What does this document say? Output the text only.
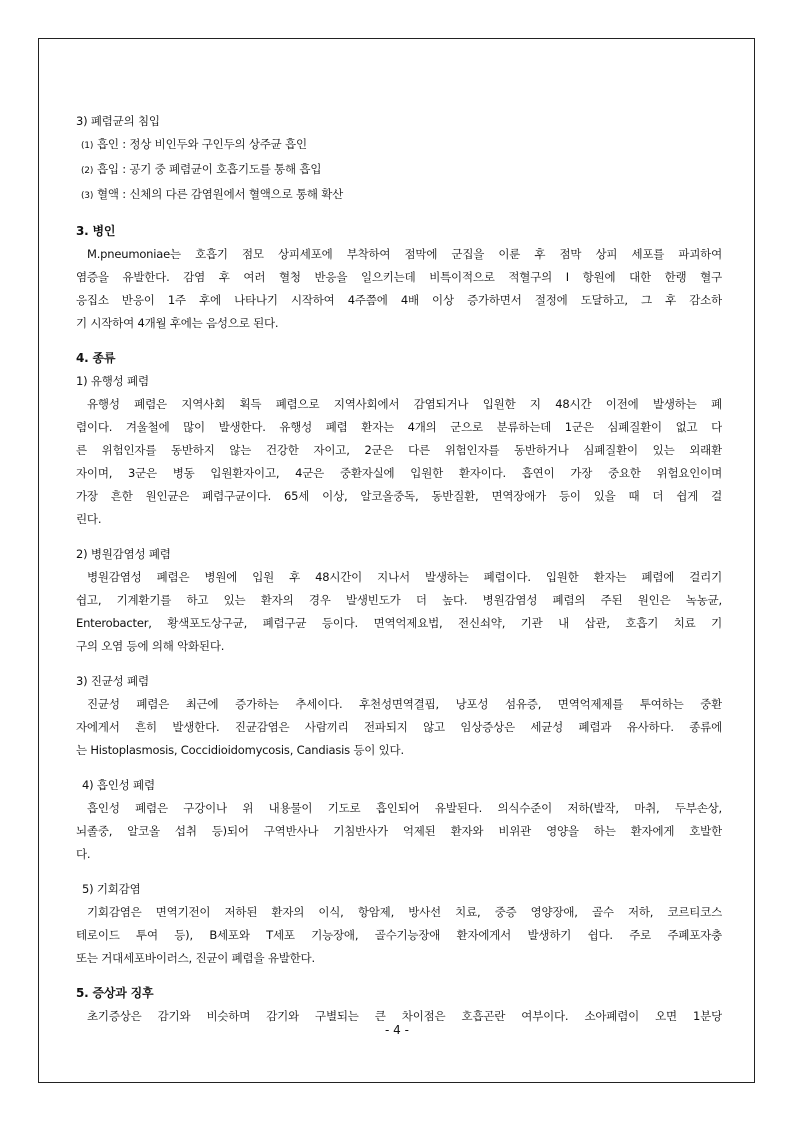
3) 폐렴균의 침입
(1) 흡인 : 정상 비인두와 구인두의 상주균 흡인
(2) 흡입 : 공기 중 폐렴균이 호흡기도를 통해 흡입
(3) 혈액 : 신체의 다른 감염원에서 혈액으로 통해 확산
3. 병인
M.pneumoniae는 호흡기 점모 상피세포에 부착하여 점막에 군집을 이룬 후 점막 상피 세포를 파괴하여
염증을 유발한다. 감염 후 여러 혈청 반응을 일으키는데 비특이적으로 적혈구의 I 항원에 대한 한랭 혈구
응집소 반응이 1주 후에 나타나기 시작하여 4주쯤에 4배 이상 증가하면서 절정에 도달하고, 그 후 감소하
기 시작하여 4개월 후에는 음성으로 된다.
4. 종류
1) 유행성 폐렴
유행성 폐렴은 지역사회 획득 폐렴으로 지역사회에서 감염되거나 입원한 지 48시간 이전에 발생하는 폐
렴이다. 겨울철에 많이 발생한다. 유행성 폐렴 환자는 4개의 군으로 분류하는데 1군은 심폐질환이 없고 다
른 위험인자를 동반하지 않는 건강한 자이고, 2군은 다른 위험인자를 동반하거나 심폐질환이 있는 외래환
자이며, 3군은 병동 입원환자이고, 4군은 중환자실에 입원한 환자이다. 흡연이 가장 중요한 위험요인이며
가장 흔한 원인균은 폐렴구균이다. 65세 이상, 알코올중독, 동반질환, 면역장애가 등이 있을 때 더 쉽게 걸
린다.
2) 병원감염성 폐렴
병원감염성 폐렴은 병원에 입원 후 48시간이 지나서 발생하는 폐렴이다. 입원한 환자는 폐렴에 걸리기
쉽고, 기계환기를 하고 있는 환자의 경우 발생빈도가 더 높다. 병원감염성 폐렴의 주된 원인은 녹농균,
Enterobacter, 황색포도상구균, 폐렴구균 등이다. 면역억제요법, 전신쇠약, 기관 내 삽관, 호흡기 치료 기
구의 오염 등에 의해 악화된다.
3) 진균성 폐렴
진균성 폐렴은 최근에 증가하는 추세이다. 후천성면역결핍, 낭포성 섬유증, 면역억제제를 투여하는 중환
자에게서 흔히 발생한다. 진균감염은 사람끼리 전파되지 않고 임상증상은 세균성 폐렴과 유사하다. 종류에
는 Histoplasmosis, Coccidioidomycosis, Candiasis 등이 있다.
4) 흡인성 폐렴
흡인성 폐렴은 구강이나 위 내용물이 기도로 흡인되어 유발된다. 의식수준이 저하(발작, 마취, 두부손상,
뇌졸중, 알코올 섭취 등)되어 구역반사나 기침반사가 억제된 환자와 비위관 영양을 하는 환자에게 호발한
다.
5) 기회감염
기회감염은 면역기전이 저하된 환자의 이식, 항암제, 방사선 치료, 중증 영양장애, 골수 저하, 코르티코스
테로이드 투여 등), B세포와 T세포 기능장애, 골수기능장애 환자에게서 발생하기 쉽다. 주로 주폐포자충
또는 거대세포바이러스, 진균이 폐렴을 유발한다.
5. 증상과 징후
초기증상은 감기와 비슷하며 감기와 구별되는 큰 차이점은 호흡곤란 여부이다. 소아폐렴이 오면 1분당
- 4 -
